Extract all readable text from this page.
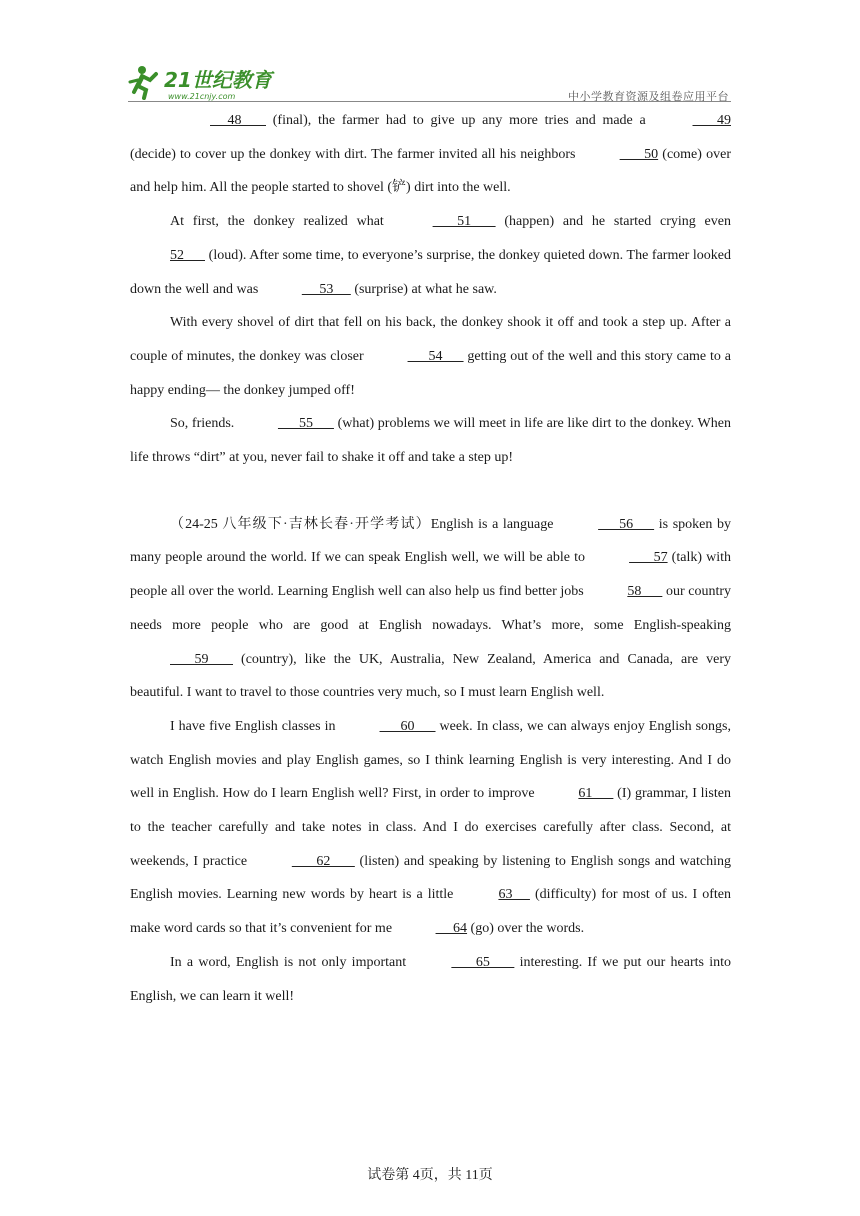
21世纪教育
www.21cnjy.com	中小学教育资源及组卷应用平台

48        (final), the farmer had to give up any more tries and made a	49 (decide) to cover up the donkey with dirt. The farmer invited all his neighbors	50 (come) over and help him. All the people started to shovel (铲) dirt into the well.

At first, the donkey realized what	51        (happen) and he started crying even 52       (loud). After some time, to everyone’s surprise, the donkey quieted down. The farmer looked down the well and was	53      (surprise) at what he saw.

With every shovel of dirt that fell on his back, the donkey shook it off and took a step up. After a couple of minutes, the donkey was closer	54       getting out of the well and this story came to a happy ending— the donkey jumped off!

So, friends.	55       (what) problems we will meet in life are like dirt to the donkey. When life throws “dirt” at you, never fail to shake it off and take a step up!

（24-25 八年级下·吉林长春·开学考试）English is a language	56       is spoken by many people around the world. If we can speak English well, we will be able to	57 (talk) with people all over the world. Learning English well can also help us find better jobs	58       our country needs more people who are good at English nowadays. What’s more, some English-speaking        59        (country), like the UK, Australia, New Zealand, America and Canada, are very beautiful. I want to travel to those countries very much, so I must learn English well.

I have five English classes in	60       week. In class, we can always enjoy English songs, watch English movies and play English games, so I think learning English is very interesting. And I do well in English. How do I learn English well? First, in order to improve	61       (I) grammar, I listen to the teacher carefully and take notes in class. And I do exercises carefully after class. Second, at weekends, I practice	62        (listen) and speaking by listening to English songs and watching English movies. Learning new words by heart is a little	63      (difficulty) for most of us. I often make word cards so that it’s convenient for me	64 (go) over the words.

In a word, English is not only important	65        interesting. If we put our hearts into English, we can learn it well!

试卷第 4页，共 11页
